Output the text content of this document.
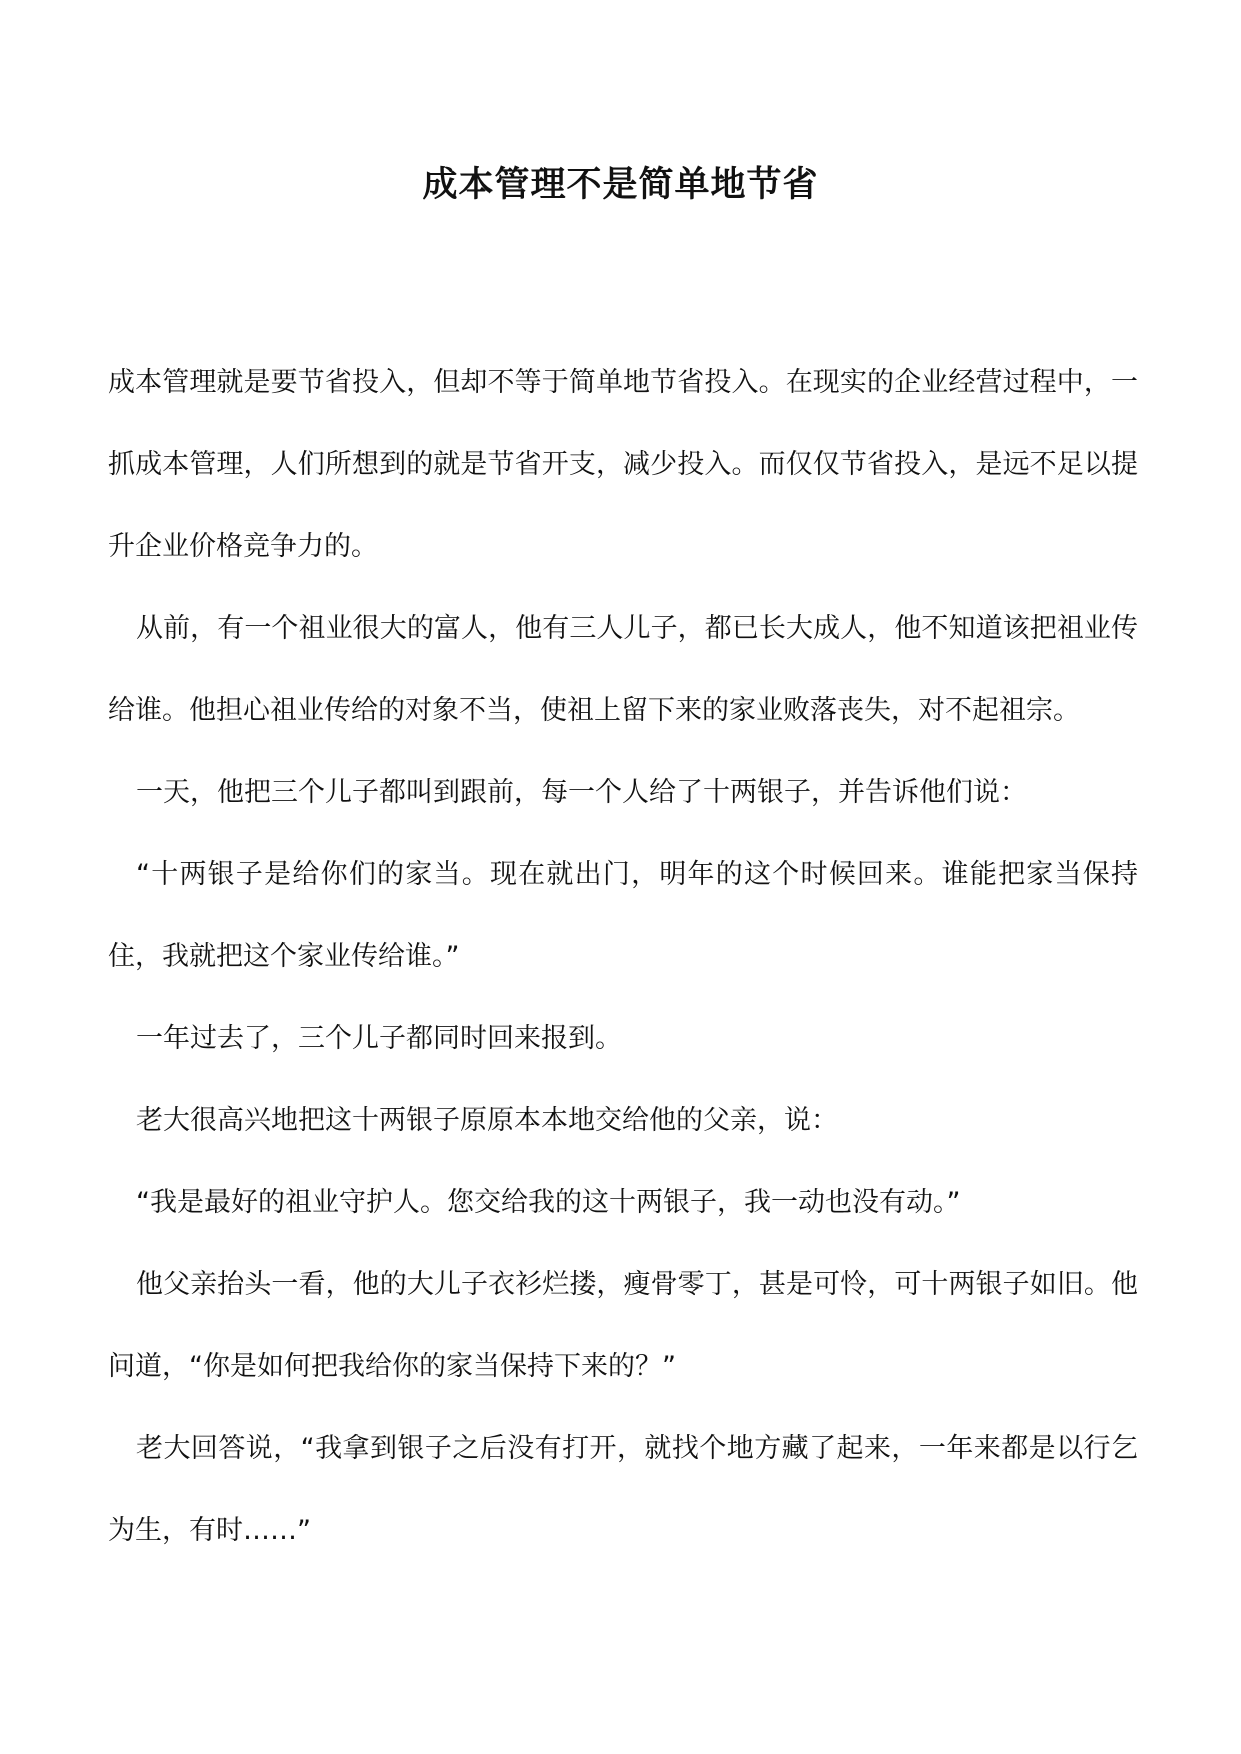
成本管理不是简单地节省

成本管理就是要节省投入，但却不等于简单地节省投入。在现实的企业经营过程中，一抓成本管理，人们所想到的就是节省开支，减少投入。而仅仅节省投入，是远不足以提升企业价格竞争力的。

从前，有一个祖业很大的富人，他有三人儿子，都已长大成人，他不知道该把祖业传给谁。他担心祖业传给的对象不当，使祖上留下来的家业败落丧失，对不起祖宗。

一天，他把三个儿子都叫到跟前，每一个人给了十两银子，并告诉他们说：

“十两银子是给你们的家当。现在就出门，明年的这个时候回来。谁能把家当保持住，我就把这个家业传给谁。”

一年过去了，三个儿子都同时回来报到。

老大很高兴地把这十两银子原原本本地交给他的父亲，说：

“我是最好的祖业守护人。您交给我的这十两银子，我一动也没有动。”

他父亲抬头一看，他的大儿子衣衫烂搂，瘦骨零丁，甚是可怜，可十两银子如旧。他问道，“你是如何把我给你的家当保持下来的？”

老大回答说，“我拿到银子之后没有打开，就找个地方藏了起来，一年来都是以行乞为生，有时……”
